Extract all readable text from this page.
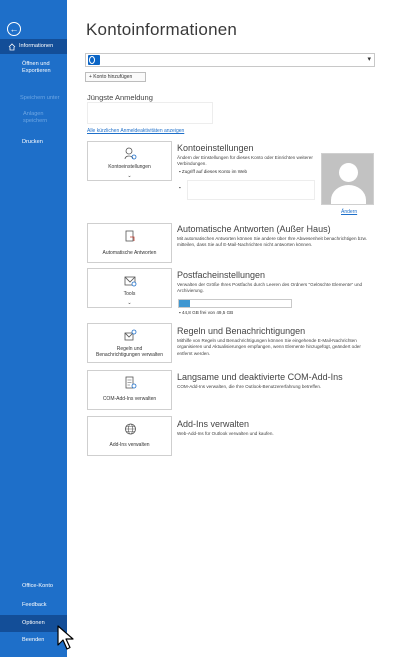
←
Informationen
Öffnen und
Exportieren
Speichern unter
Anlagen
speichern
Drucken
Office-Konto
Feedback
Optionen
Beenden
Kontoinformationen
▾
+ Konto hinzufügen
Jüngste Anmeldung
Alle kürzlichen Anmeldeaktivitäten anzeigen
Kontoeinstellungen
⌄
Kontoeinstellungen
Ändern der Einstellungen für dieses Konto oder Einrichten weiterer Verbindungen.
▪ Zugriff auf dieses Konto im Web
▪
Ändern
Automatische Antworten
Automatische Antworten (Außer Haus)
Mit automatischen Antworten können Sie andere über Ihre Abwesenheit benachrichtigen bzw. mitteilen, dass Sie auf E-Mail-Nachrichten nicht antworten können.
Tools
⌄
Postfacheinstellungen
Verwalten der Größe Ihres Postfachs durch Leeren des Ordners "Gelöschte Elemente" und Archivierung.
▪ 44,8 GB frei von 49,5 GB
Regeln und
Benachrichtigungen verwalten
Regeln und Benachrichtigungen
Mithilfe von Regeln und Benachrichtigungen können Sie eingehende E-Mail-Nachrichten organisieren und Aktualisierungen empfangen, wenn Elemente hinzugefügt, geändert oder entfernt werden.
COM-Add-Ins verwalten
Langsame und deaktivierte COM-Add-Ins
COM-Add-Ins verwalten, die Ihre Outlook-Benutzererfahrung betreffen.
Add-Ins verwalten
Add-Ins verwalten
Web-Add-Ins für Outlook verwalten und kaufen.
